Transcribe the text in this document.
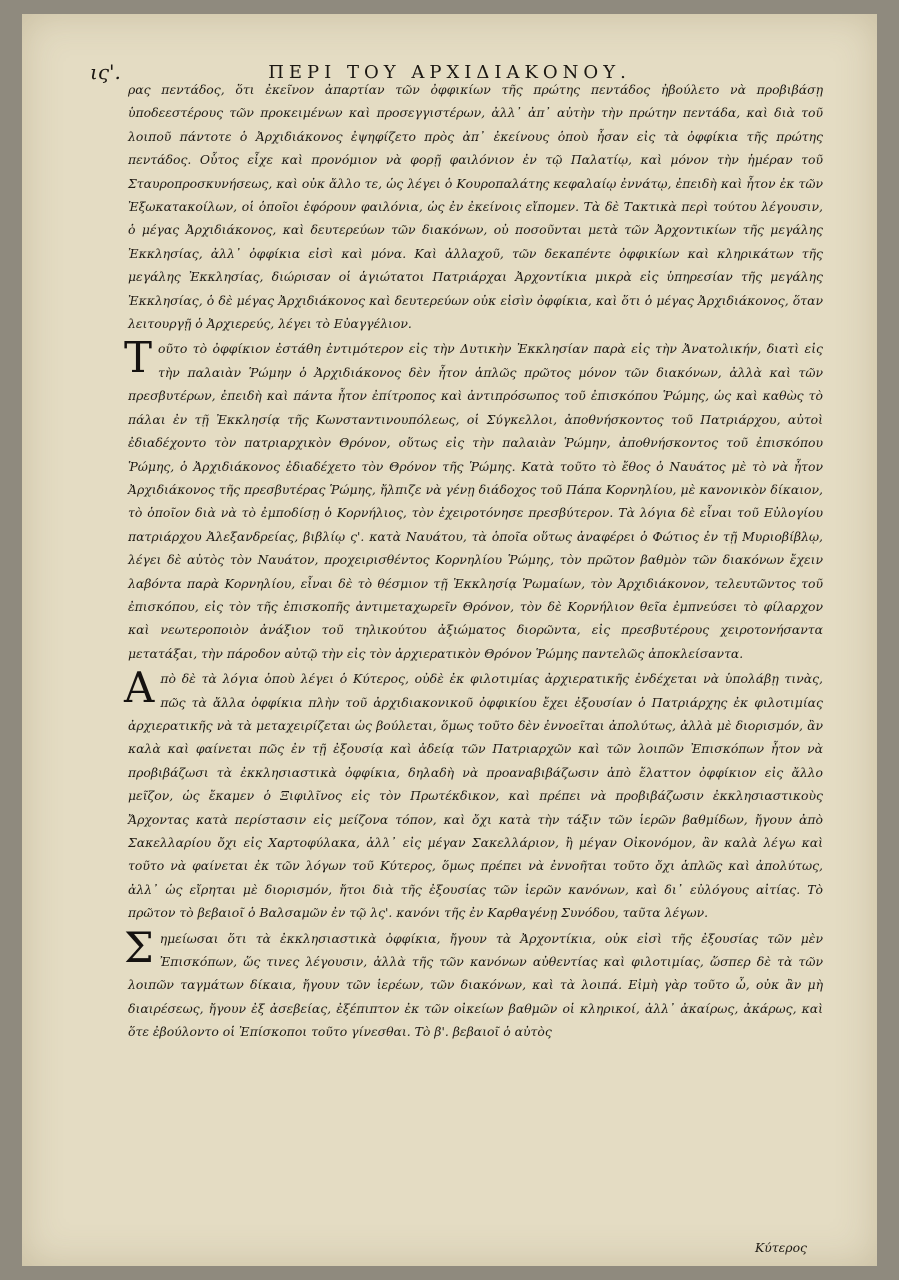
ις'.	ΠΕΡΙ ΤΟΥ ΑΡΧΙΔΙΑΚΟΝΟΥ.

ρας πεντάδος, ὅτι ἐκεῖνον ἀπαρτίαν τῶν ὀφφικίων τῆς πρώτης πεντάδος ἠβούλετο νὰ προβιβάσῃ ὑποδεεστέρους τῶν προκειμένων καὶ προσεγγιστέρων, ἀλλ᾽ ἀπ᾽ αὐτὴν τὴν πρώτην πεντάδα, καὶ διὰ τοῦ λοιποῦ πάντοτε ὁ Ἀρχιδιάκονος ἐψηφίζετο πρὸς ἀπ᾽ ἐκείνους ὁποὺ ἦσαν εἰς τὰ ὀφφίκια τῆς πρώτης πεντάδος. Οὗτος εἶχε καὶ προνόμιον νὰ φορῇ φαιλόνιον ἐν τῷ Παλατίῳ, καὶ μόνον τὴν ἡμέραν τοῦ Σταυροπροσκυνήσεως, καὶ οὐκ ἄλλο τε, ὡς λέγει ὁ Κουροπαλάτης κεφαλαίῳ ἐννάτῳ, ἐπειδὴ καὶ ἦτον ἐκ τῶν Ἐξωκατακοίλων, οἱ ὁποῖοι ἐφόρουν φαιλόνια, ὡς ἐν ἐκείνοις εἴπομεν. Τὰ δὲ Τακτικὰ περὶ τούτου λέγουσιν, ὁ μέγας Ἀρχιδιάκονος, καὶ δευτερεύων τῶν διακόνων, οὐ ποσοῦνται μετὰ τῶν Ἀρχοντικίων τῆς μεγάλης Ἐκκλησίας, ἀλλ᾽ ὀφφίκια εἰσὶ καὶ μόνα. Καὶ ἀλλαχοῦ, τῶν δεκαπέντε ὀφφικίων καὶ κληρικάτων τῆς μεγάλης Ἐκκλησίας, διώρισαν οἱ ἁγιώτατοι Πατριάρχαι Ἀρχοντίκια μικρὰ εἰς ὑπηρεσίαν τῆς μεγάλης Ἐκκλησίας, ὁ δὲ μέγας Ἀρχιδιάκονος καὶ δευτερεύων οὐκ εἰσὶν ὀφφίκια, καὶ ὅτι ὁ μέγας Ἀρχιδιάκονος, ὅταν λειτουργῇ ὁ Ἀρχιερεύς, λέγει τὸ Εὐαγγέλιον.

Τοῦτο τὸ ὀφφίκιον ἐστάθη ἐντιμότερον εἰς τὴν Δυτικὴν Ἐκκλησίαν παρὰ εἰς τὴν Ἀνατολικήν, διατὶ εἰς τὴν παλαιὰν Ῥώμην ὁ Ἀρχιδιάκονος δὲν ἦτον ἁπλῶς πρῶτος μόνον τῶν διακόνων, ἀλλὰ καὶ τῶν πρεσβυτέρων, ἐπειδὴ καὶ πάντα ἦτον ἐπίτροπος καὶ ἀντιπρόσωπος τοῦ ἐπισκόπου Ῥώμης, ὡς καὶ καθὼς τὸ πάλαι ἐν τῇ Ἐκκλησίᾳ τῆς Κωνσταντινουπόλεως, οἱ Σύγκελλοι, ἀποθνήσκοντος τοῦ Πατριάρχου, αὐτοὶ ἐδιαδέχοντο τὸν πατριαρχικὸν Θρόνον, οὕτως εἰς τὴν παλαιὰν Ῥώμην, ἀποθνήσκοντος τοῦ ἐπισκόπου Ῥώμης, ὁ Ἀρχιδιάκονος ἐδιαδέχετο τὸν Θρόνον τῆς Ῥώμης. Κατὰ τοῦτο τὸ ἔθος ὁ Ναυάτος μὲ τὸ νὰ ἦτον Ἀρχιδιάκονος τῆς πρεσβυτέρας Ῥώμης, ἤλπιζε νὰ γένῃ διάδοχος τοῦ Πάπα Κορνηλίου, μὲ κανονικὸν δίκαιον, τὸ ὁποῖον διὰ νὰ τὸ ἐμποδίσῃ ὁ Κορνήλιος, τὸν ἐχειροτόνησε πρεσβύτερον. Τὰ λόγια δὲ εἶναι τοῦ Εὐλογίου πατριάρχου Ἀλεξανδρείας, βιβλίῳ ς'. κατὰ Ναυάτου, τὰ ὁποῖα οὕτως ἀναφέρει ὁ Φώτιος ἐν τῇ Μυριοβίβλῳ, λέγει δὲ αὐτὸς τὸν Ναυάτον, προχειρισθέντος Κορνηλίου Ῥώμης, τὸν πρῶτον βαθμὸν τῶν διακόνων ἔχειν λαβόντα παρὰ Κορνηλίου, εἶναι δὲ τὸ θέσμιον τῇ Ἐκκλησίᾳ Ῥωμαίων, τὸν Ἀρχιδιάκονον, τελευτῶντος τοῦ ἐπισκόπου, εἰς τὸν τῆς ἐπισκοπῆς ἀντιμεταχωρεῖν Θρόνον, τὸν δὲ Κορνήλιον θεῖα ἐμπνεύσει τὸ φίλαρχον καὶ νεωτεροποιὸν ἀνάξιον τοῦ τηλικούτου ἀξιώματος διορῶντα, εἰς πρεσβυτέρους χειροτονήσαντα μετατάξαι, τὴν πάροδον αὐτῷ τὴν εἰς τὸν ἀρχιερατικὸν Θρόνον Ῥώμης παντελῶς ἀποκλείσαντα.

Απὸ δὲ τὰ λόγια ὁποὺ λέγει ὁ Κύτερος, οὐδὲ ἐκ φιλοτιμίας ἀρχιερατικῆς ἐνδέχεται νὰ ὑπολάβῃ τινὰς, πῶς τὰ ἄλλα ὀφφίκια πλὴν τοῦ ἀρχιδιακονικοῦ ὀφφικίου ἔχει ἐξουσίαν ὁ Πατριάρχης ἐκ φιλοτιμίας ἀρχιερατικῆς νὰ τὰ μεταχειρίζεται ὡς βούλεται, ὅμως τοῦτο δὲν ἐννοεῖται ἀπολύτως, ἀλλὰ μὲ διορισμόν, ἂν καλὰ καὶ φαίνεται πῶς ἐν τῇ ἐξουσίᾳ καὶ ἀδείᾳ τῶν Πατριαρχῶν καὶ τῶν λοιπῶν Ἐπισκόπων ἦτον νὰ προβιβάζωσι τὰ ἐκκλησιαστικὰ ὀφφίκια, δηλαδὴ νὰ προαναβιβάζωσιν ἀπὸ ἔλαττον ὀφφίκιον εἰς ἄλλο μεῖζον, ὡς ἔκαμεν ὁ Ξιφιλῖνος εἰς τὸν Πρωτέκδικον, καὶ πρέπει νὰ προβιβάζωσιν ἐκκλησιαστικοὺς Ἄρχοντας κατὰ περίστασιν εἰς μείζονα τόπον, καὶ ὄχι κατὰ τὴν τάξιν τῶν ἱερῶν βαθμίδων, ἤγουν ἀπὸ Σακελλαρίου ὄχι εἰς Χαρτοφύλακα, ἀλλ᾽ εἰς μέγαν Σακελλάριον, ἢ μέγαν Οἰκονόμον, ἂν καλὰ λέγω καὶ τοῦτο νὰ φαίνεται ἐκ τῶν λόγων τοῦ Κύτερος, ὅμως πρέπει νὰ ἐννοῆται τοῦτο ὄχι ἁπλῶς καὶ ἀπολύτως, ἀλλ᾽ ὡς εἴρηται μὲ διορισμόν, ἤτοι διὰ τῆς ἐξουσίας τῶν ἱερῶν κανόνων, καὶ δι᾽ εὐλόγους αἰτίας. Τὸ πρῶτον τὸ βεβαιοῖ ὁ Βαλσαμῶν ἐν τῷ λς'. κανόνι τῆς ἐν Καρθαγένῃ Συνόδου, ταῦτα λέγων.

Σημείωσαι ὅτι τὰ ἐκκλησιαστικὰ ὀφφίκια, ἤγουν τὰ Ἀρχοντίκια, οὐκ εἰσὶ τῆς ἐξουσίας τῶν μὲν Ἐπισκόπων, ὥς τινες λέγουσιν, ἀλλὰ τῆς τῶν κανόνων αὐθεντίας καὶ φιλοτιμίας, ὥσπερ δὲ τὰ τῶν λοιπῶν ταγμάτων δίκαια, ἤγουν τῶν ἱερέων, τῶν διακόνων, καὶ τὰ λοιπά. Εἰμὴ γὰρ τοῦτο ὦ, οὐκ ἂν μὴ διαιρέσεως, ἤγουν ἐξ ἀσεβείας, ἐξέπιπτον ἐκ τῶν οἰκείων βαθμῶν οἱ κληρικοί, ἀλλ᾽ ἀκαίρως, ἀκάρως, καὶ ὅτε ἐβούλοντο οἱ Ἐπίσκοποι τοῦτο γίνεσθαι. Τὸ β'. βεβαιοῖ ὁ αὐτὸς

Κύτερος
